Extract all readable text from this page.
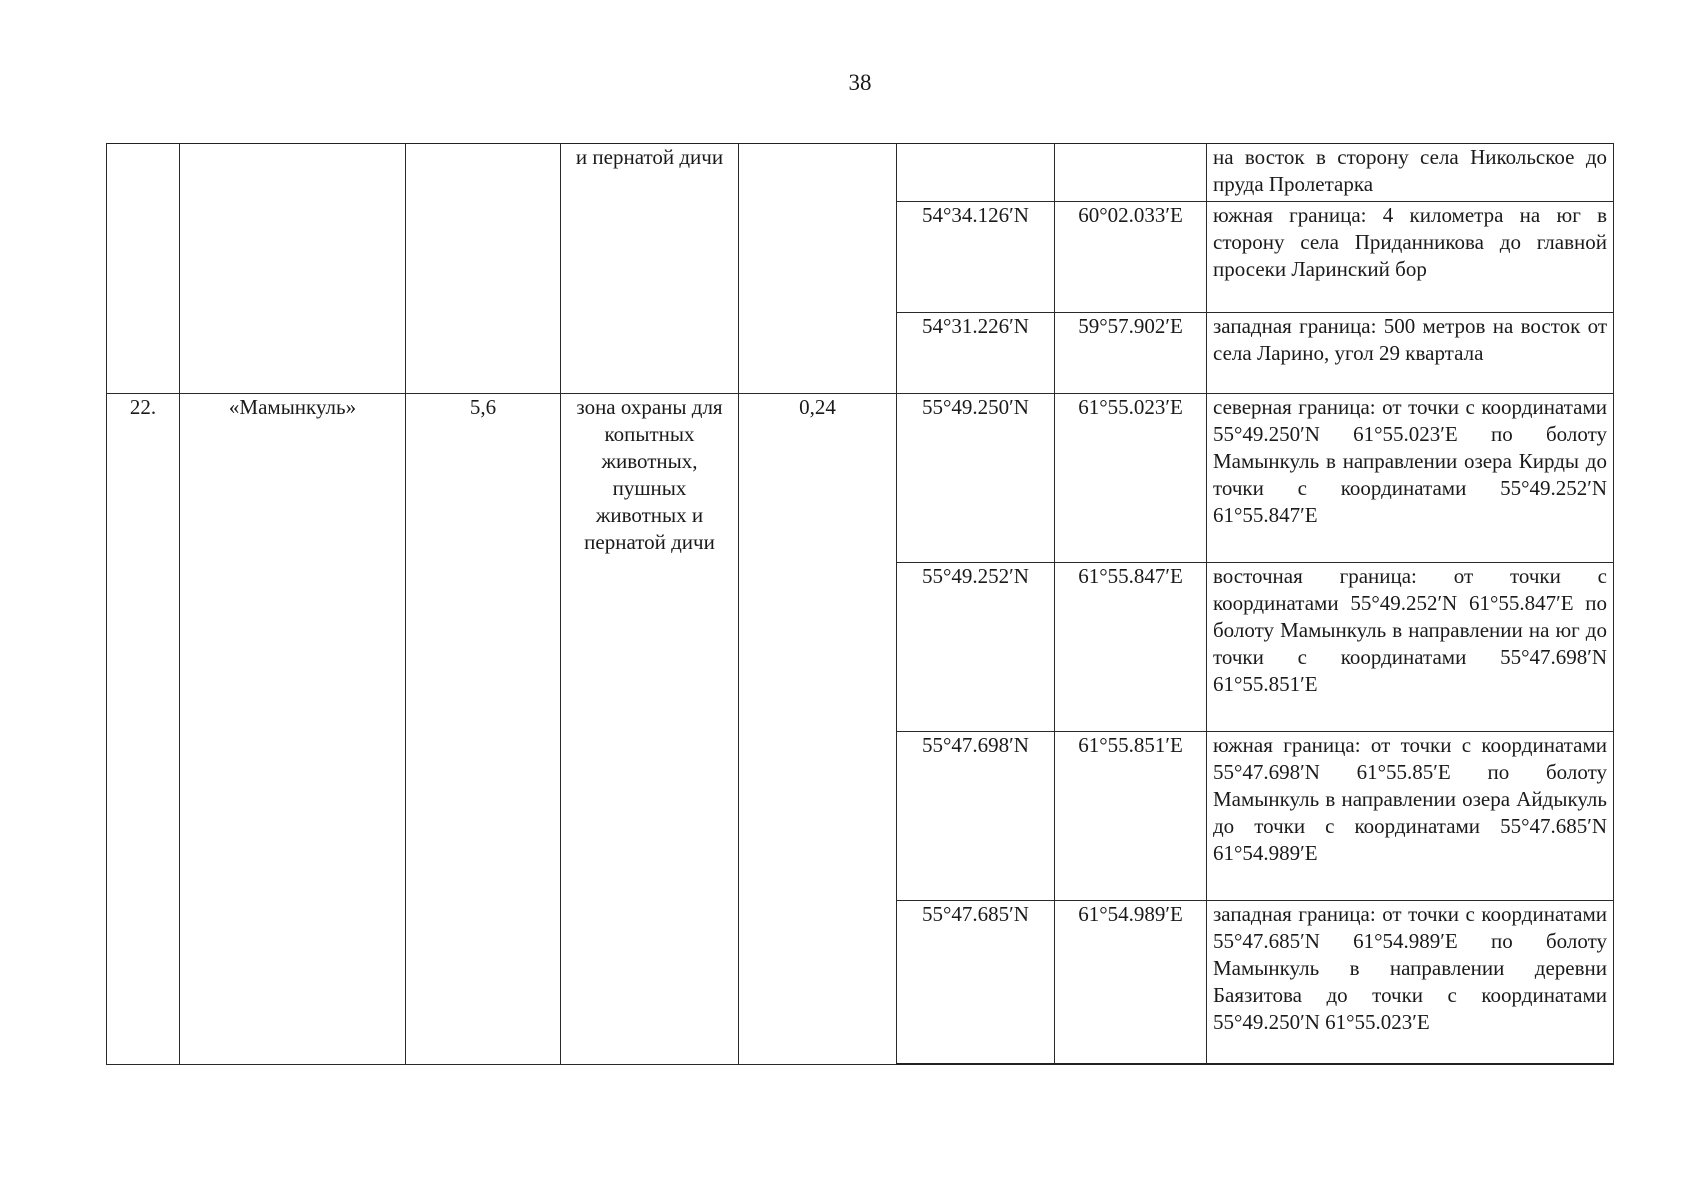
38
			и пернатой дичи				на восток в сторону села Никольское до пруда Пролетарка
					54°34.126′N	60°02.033′E	южная граница: 4 километра на юг в сторону села Приданникова до главной просеки Ларинский бор
					54°31.226′N	59°57.902′E	западная граница: 500 метров на восток от села Ларино, угол 29 квартала
22.	«Мамынкуль»	5,6	зона охраны для копытных животных, пушных животных и пернатой дичи	0,24	55°49.250′N	61°55.023′E	северная граница: от точки с координатами 55°49.250′N 61°55.023′E по болоту Мамынкуль в направлении озера Кирды до точки с координатами 55°49.252′N 61°55.847′E
					55°49.252′N	61°55.847′E	восточная граница: от точки с координатами 55°49.252′N 61°55.847′E по болоту Мамынкуль в направлении на юг до точки с координатами 55°47.698′N 61°55.851′E
					55°47.698′N	61°55.851′E	южная граница: от точки с координатами 55°47.698′N 61°55.85′E по болоту Мамынкуль в направлении озера Айдыкуль до точки с координатами 55°47.685′N 61°54.989′E
					55°47.685′N	61°54.989′E	западная граница: от точки с координатами 55°47.685′N 61°54.989′E по болоту Мамынкуль в направлении деревни Баязитова до точки с координатами 55°49.250′N 61°55.023′E
